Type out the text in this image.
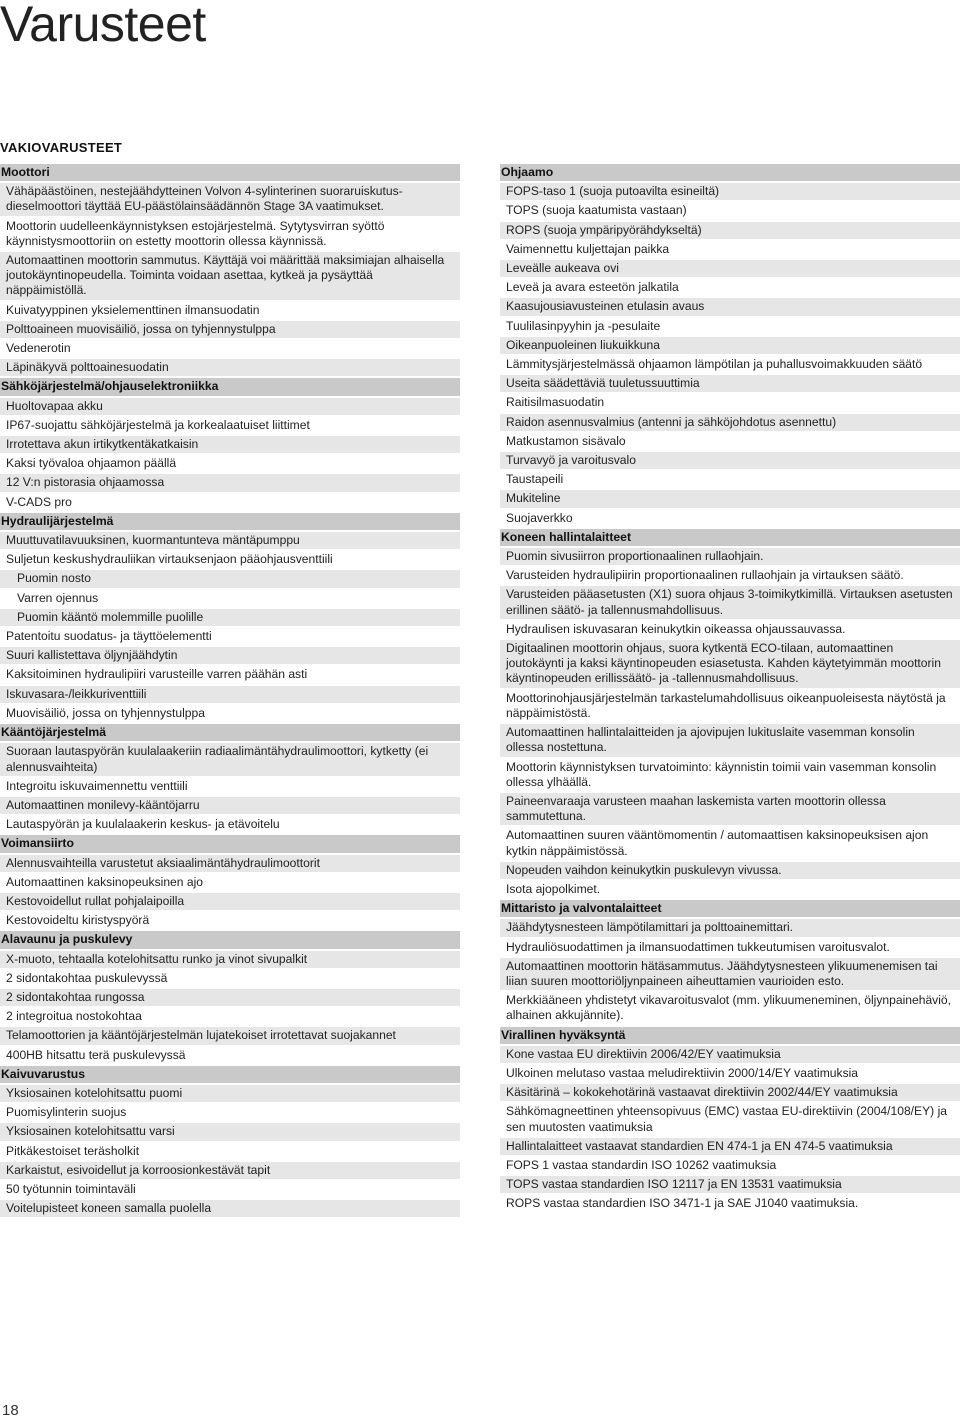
Varusteet
VAKIOVARUSTEET
Moottori
Vähäpäästöinen, nestejäähdytteinen Volvon 4-sylinterinen suoraruiskutus-dieselmoottori täyttää EU-päästölainsäädännön Stage 3A vaatimukset.
Moottorin uudelleenkäynnistyksen estojärjestelmä. Sytytysvirran syöttö käynnistysmoottoriin on estetty moottorin ollessa käynnissä.
Automaattinen moottorin sammutus. Käyttäjä voi määrittää maksimiajan alhaisella joutokäyntinopeudella. Toiminta voidaan asettaa, kytkeä ja pysäyttää näppäimistöllä.
Kuivatyyppinen yksielementtinen ilmansuodatin
Polttoaineen muovisäiliö, jossa on tyhjennystulppa
Vedenerotin
Läpinäkyvä polttoainesuodatin
Sähköjärjestelmä/ohjauselektroniikka
Huoltovapaa akku
IP67-suojattu sähköjärjestelmä ja korkealaatuiset liittimet
Irrotettava akun irtikytkentäkatkaisin
Kaksi työvaloa ohjaamon päällä
12 V:n pistorasia ohjaamossa
V-CADS pro
Hydraulijärjestelmä
Muuttuvatilavuuksinen, kuormantunteva mäntäpumppu
Suljetun keskushydrauliikan virtauksenjaon pääohjausventtiili
Puomin nosto
Varren ojennus
Puomin kääntö molemmille puolille
Patentoitu suodatus- ja täyttöelementti
Suuri kallistettava öljynjäähdytin
Kaksitoiminen hydraulipiiri varusteille varren päähän asti
Iskuvasara-/leikkuriventtiili
Muovisäiliö, jossa on tyhjennystulppa
Kääntöjärjestelmä
Suoraan lautaspyörän kuulalaakeriin radiaalimäntähydraulimoottori, kytketty (ei alennusvaihteita)
Integroitu iskuvaimennettu venttiili
Automaattinen monilevy-kääntöjarru
Lautaspyörän ja kuulalaakerin keskus- ja etävoitelu
Voimansiirto
Alennusvaihteilla varustetut aksiaalimäntähydraulimoottorit
Automaattinen kaksinopeuksinen ajo
Kestovoidellut rullat pohjalaipoilla
Kestovoideltu kiristyspyörä
Alavaunu ja puskulevy
X-muoto, tehtaalla kotelohitsattu runko ja vinot sivupalkit
2 sidontakohtaa puskulevyssä
2 sidontakohtaa rungossa
2 integroitua nostokohtaa
Telamoottorien ja kääntöjärjestelmän lujatekoiset irrotettavat suojakannet
400HB hitsattu terä puskulevyssä
Kaivuvarustus
Yksiosainen kotelohitsattu puomi
Puomisylinterin suojus
Yksiosainen kotelohitsattu varsi
Pitkäkestoiset teräsholkit
Karkaistut, esivoidellut ja korroosionkestävät tapit
50 työtunnin toimintaväli
Voitelupisteet koneen samalla puolella
Ohjaamo
FOPS-taso 1 (suoja putoavilta esineiltä)
TOPS (suoja kaatumista vastaan)
ROPS (suoja ympäripyörähdykseltä)
Vaimennettu kuljettajan paikka
Leveälle aukeava ovi
Leveä ja avara esteetön jalkatila
Kaasujousiavusteinen etulasin avaus
Tuulilasinpyyhin ja -pesulaite
Oikeanpuoleinen liukuikkuna
Lämmitysjärjestelmässä ohjaamon lämpötilan ja puhallusvoimakkuuden säätö
Useita säädettäviä tuuletussuuttimia
Raitisilmasuodatin
Raidon asennusvalmius (antenni ja sähköjohdotus asennettu)
Matkustamon sisävalo
Turvavyö ja varoitusvalo
Taustapeili
Mukiteline
Suojaverkko
Koneen hallintalaitteet
Puomin sivusiirron proportionaalinen rullaohjain.
Varusteiden hydraulipiirin proportionaalinen rullaohjain ja virtauksen säätö.
Varusteiden pääasetusten (X1) suora ohjaus 3-toimikytkimillä. Virtauksen asetusten erillinen säätö- ja tallennusmahdollisuus.
Hydraulisen iskuvasaran keinukytkin oikeassa ohjaussauvassa.
Digitaalinen moottorin ohjaus, suora kytkentä ECO-tilaan, automaattinen joutokäynti ja kaksi käyntinopeuden esiasetusta. Kahden käytetyimmän moottorin käyntinopeuden erillissäätö- ja -tallennusmahdollisuus.
Moottorinohjausjärjestelmän tarkastelumahdollisuus oikeanpuoleisesta näytöstä ja näppäimistöstä.
Automaattinen hallintalaitteiden ja ajovipujen lukituslaite vasemman konsolin ollessa nostettuna.
Moottorin käynnistyksen turvatoiminto: käynnistin toimii vain vasemman konsolin ollessa ylhäällä.
Paineenvaraaja varusteen maahan laskemista varten moottorin ollessa sammutettuna.
Automaattinen suuren vääntömomentin / automaattisen kaksinopeuksisen ajon kytkin näppäimistössä.
Nopeuden vaihdon keinukytkin puskulevyn vivussa.
Isota ajopolkimet.
Mittaristo ja valvontalaitteet
Jäähdytysnesteen lämpötilamittari ja polttoainemittari.
Hydrauliösuodattimen ja ilmansuodattimen tukkeutumisen varoitusvalot.
Automaattinen moottorin hätäsammutus. Jäähdytysnesteen ylikuumenemisen tai liian suuren moottoriöljynpaineen aiheuttamien vaurioiden esto.
Merkkiääneen yhdistetyt vikavaroitusvalot (mm. ylikuumeneminen, öljynpainehäviö, alhainen akkujännite).
Virallinen hyväksyntä
Kone vastaa EU direktiivin 2006/42/EY vaatimuksia
Ulkoinen melutaso vastaa meludirektiivin 2000/14/EY vaatimuksia
Käsitärinä – kokokehotärinä vastaavat direktiivin 2002/44/EY vaatimuksia
Sähkömagneettinen yhteensopivuus (EMC) vastaa EU-direktiivin (2004/108/EY) ja sen muutosten vaatimuksia
Hallintalaitteet vastaavat standardien EN 474-1 ja EN 474-5 vaatimuksia
FOPS 1 vastaa standardin ISO 10262 vaatimuksia
TOPS vastaa standardien ISO 12117 ja EN 13531 vaatimuksia
ROPS vastaa standardien ISO 3471-1 ja SAE J1040 vaatimuksia.
18
